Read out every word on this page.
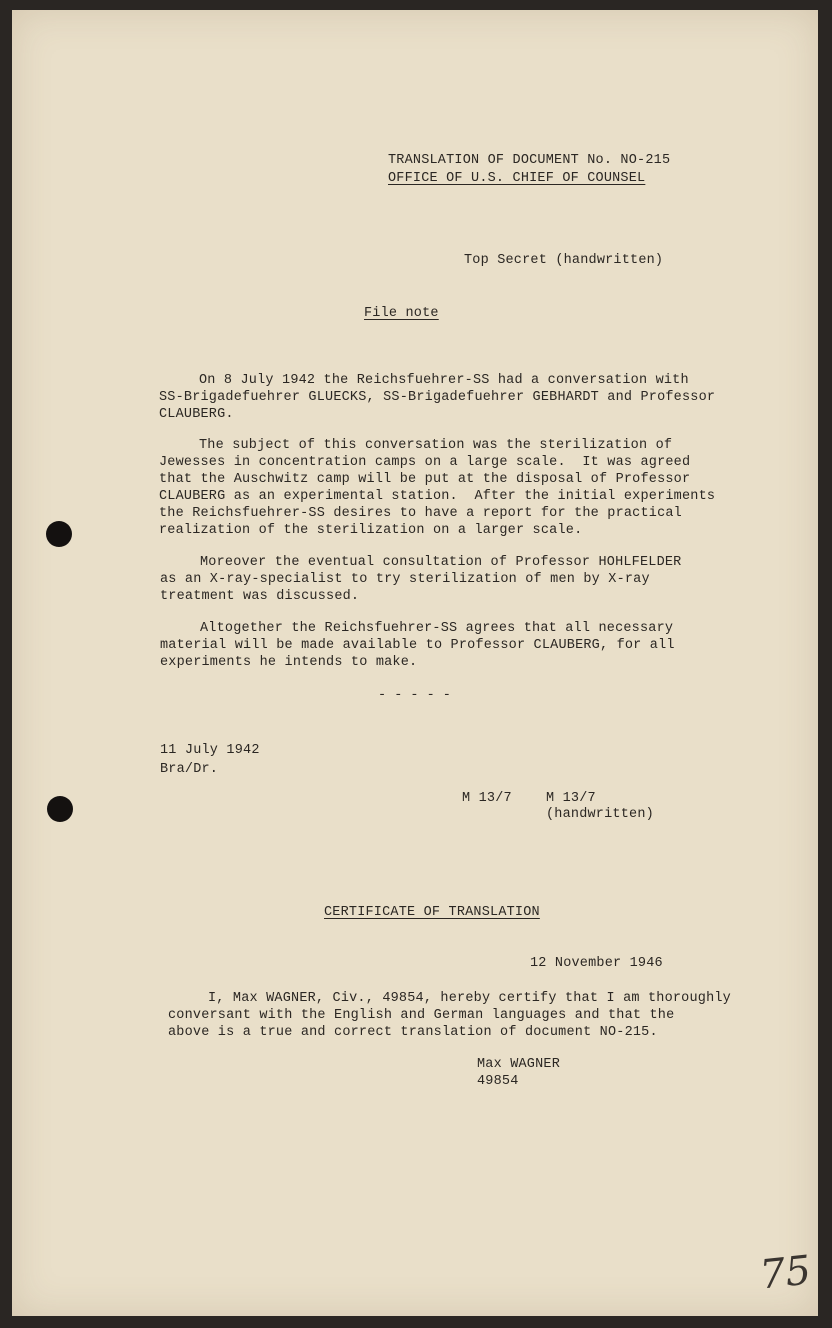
TRANSLATION OF DOCUMENT No. NO-215
OFFICE OF U.S. CHIEF OF COUNSEL
Top Secret (handwritten)
File note
On 8 July 1942 the Reichsfuehrer-SS had a conversation with
SS-Brigadefuehrer GLUECKS, SS-Brigadefuehrer GEBHARDT and Professor
CLAUBERG.
The subject of this conversation was the sterilization of
Jewesses in concentration camps on a large scale.  It was agreed
that the Auschwitz camp will be put at the disposal of Professor
CLAUBERG as an experimental station.  After the initial experiments
the Reichsfuehrer-SS desires to have a report for the practical
realization of the sterilization on a larger scale.
Moreover the eventual consultation of Professor HOHLFELDER
as an X-ray-specialist to try sterilization of men by X-ray
treatment was discussed.
Altogether the Reichsfuehrer-SS agrees that all necessary
material will be made available to Professor CLAUBERG, for all
experiments he intends to make.
- - - - -
11 July 1942
Bra/Dr.
M 13/7	M 13/7
(handwritten)
CERTIFICATE OF TRANSLATION
12 November 1946
I, Max WAGNER, Civ., 49854, hereby certify that I am thoroughly
conversant with the English and German languages and that the
above is a true and correct translation of document NO-215.
Max WAGNER
49854
75
